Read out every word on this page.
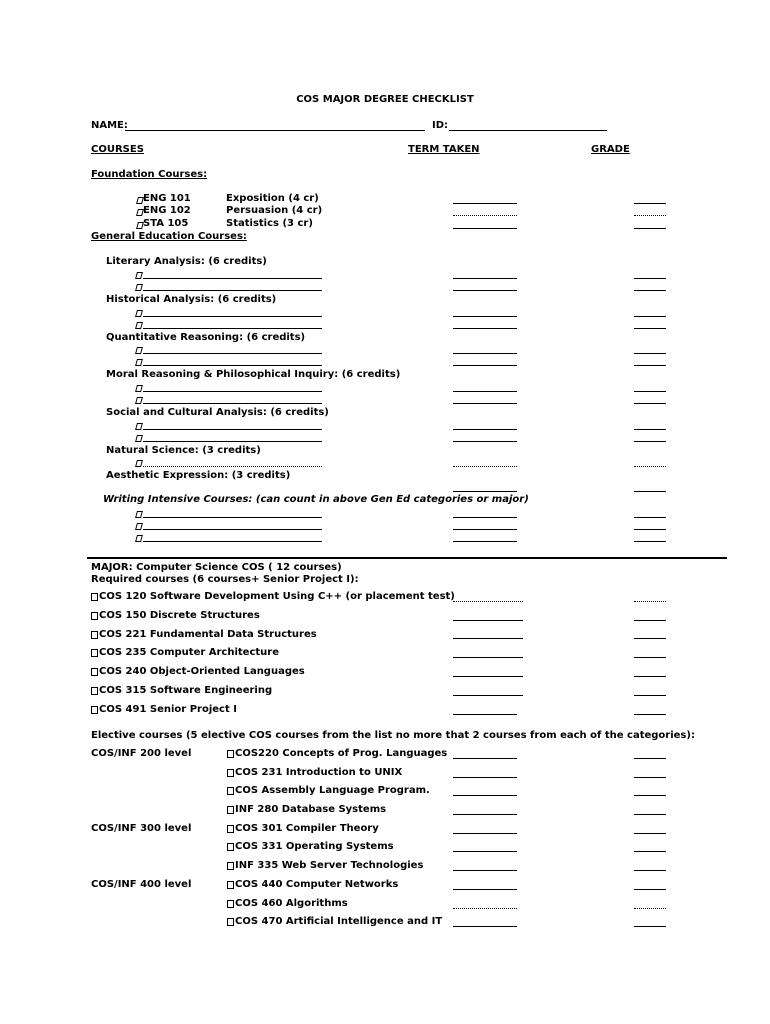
COS MAJOR DEGREE CHECKLIST
NAME:	ID:
COURSES	TERM TAKEN	GRADE
Foundation Courses:
ENG 101	Exposition (4 cr)
ENG 102	Persuasion (4 cr)
STA 105	Statistics (3 cr)
General Education Courses:
Literary Analysis: (6 credits)
Historical Analysis: (6 credits)
Quantitative Reasoning: (6 credits)
Moral Reasoning & Philosophical Inquiry: (6 credits)
Social and Cultural Analysis: (6 credits)
Natural Science: (3 credits)
Aesthetic Expression: (3 credits)
Writing Intensive Courses: (can count in above Gen Ed categories or major)
MAJOR: Computer Science COS ( 12 courses)
Required courses (6 courses+ Senior Project I):
COS 120 Software Development Using C++ (or placement test)
COS 150 Discrete Structures
COS 221 Fundamental Data Structures
COS 235 Computer Architecture
COS 240 Object-Oriented Languages
COS 315 Software Engineering
COS 491 Senior Project I
Elective courses (5 elective COS courses from the list no more that 2 courses from each of the categories):
COS/INF 200 level	COS220 Concepts of Prog. Languages
COS 231 Introduction to UNIX
COS Assembly Language Program.
INF 280 Database Systems
COS/INF 300 level	COS 301 Compiler Theory
COS 331 Operating Systems
INF 335 Web Server Technologies
COS/INF 400 level	COS 440 Computer Networks
COS 460 Algorithms
COS 470 Artificial Intelligence and IT
